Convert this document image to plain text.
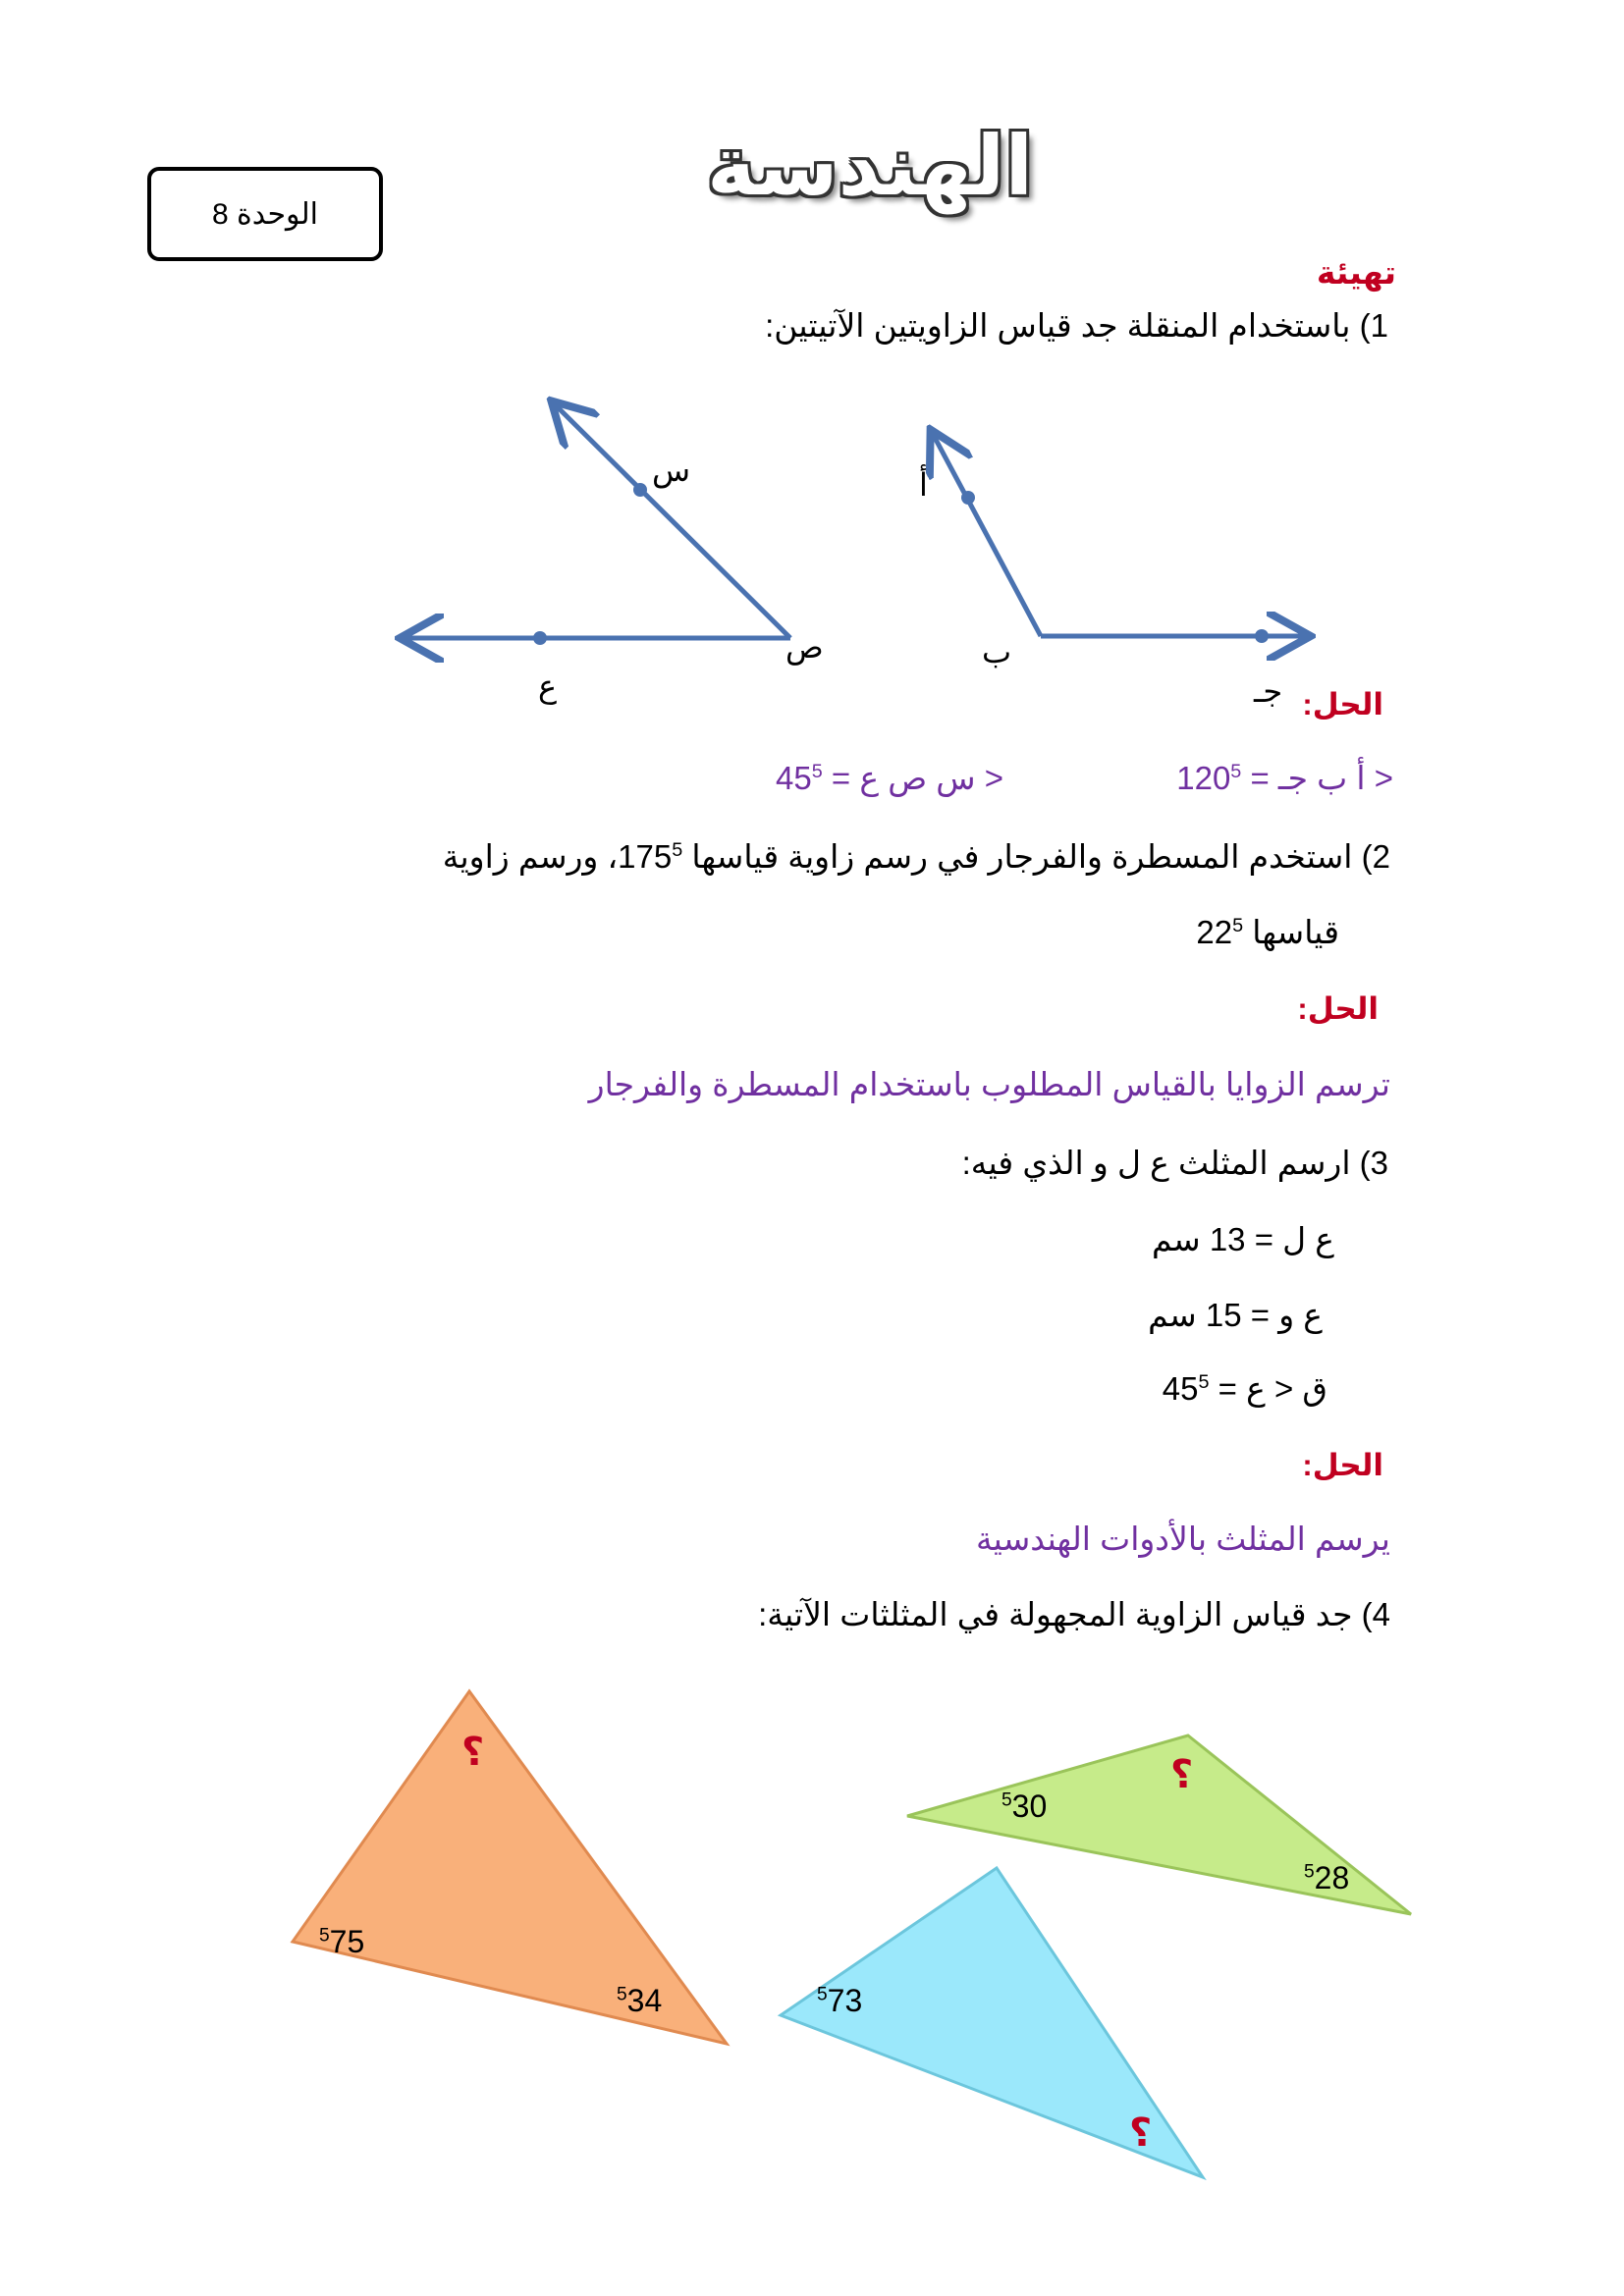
الهندسة
الوحدة 8
تهيئة
1) باستخدام المنقلة جد قياس الزاويتين الآتيتين:
أ
ب
جـ
س
ص
ع
الحل:
< أ ب جـ = $120^5$
< س ص ع = $45^5$
2) استخدم المسطرة والفرجار في رسم زاوية قياسها $175^5،$ ورسم زاوية
قياسها $22^5$
الحل:
ترسم الزوايا بالقياس المطلوب باستخدام المسطرة والفرجار
3) ارسم المثلث ع ل و الذي فيه:
ع ل = 13 سم
ع و = 15 سم
ق < ع = $45^5$
الحل:
يرسم المثلث بالأدوات الهندسية
4) جد قياس الزاوية المجهولة في المثلثات الآتية:
؟
$^5$75
$^5$34
؟
$^5$30
$^5$28
$^5$73
؟
